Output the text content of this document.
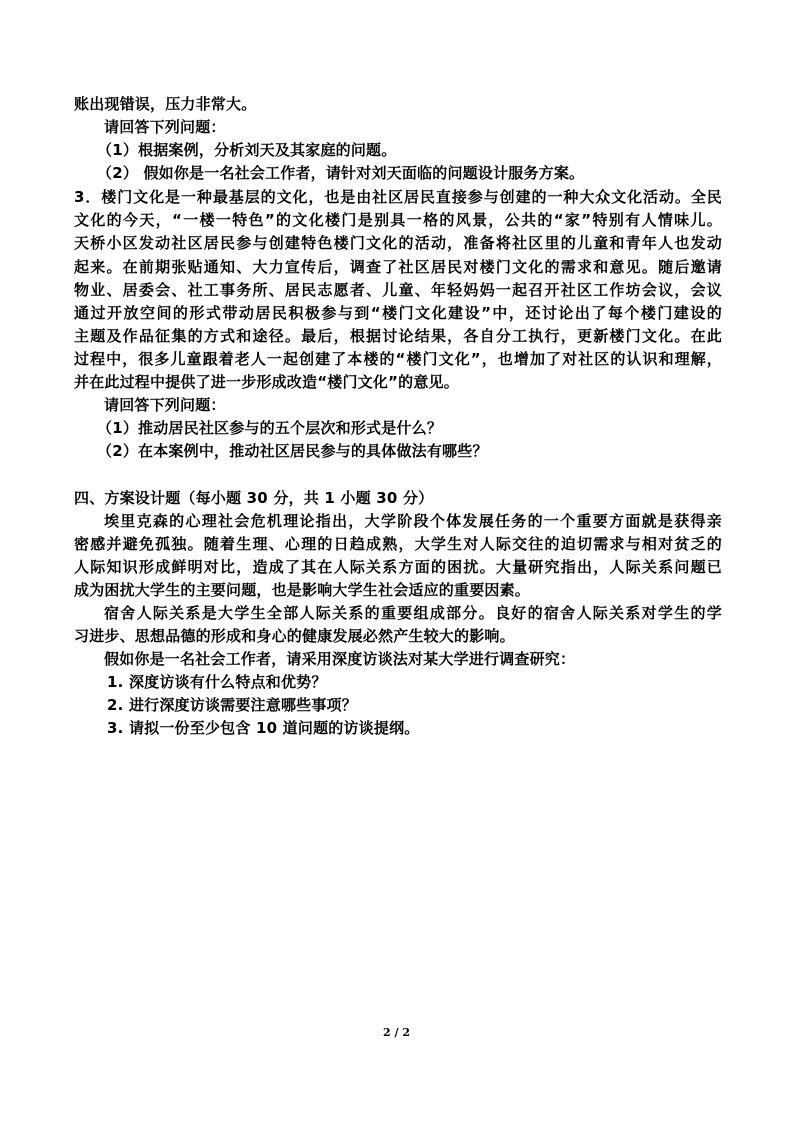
账出现错误，压力非常大。
请回答下列问题：
（1）根据案例，分析刘天及其家庭的问题。
（2） 假如你是一名社会工作者，请针对刘天面临的问题设计服务方案。
3．楼门文化是一种最基层的文化，也是由社区居民直接参与创建的一种大众文化活动。全民
文化的今天，“一楼一特色”的文化楼门是别具一格的风景，公共的“家”特别有人情味儿。
天桥小区发动社区居民参与创建特色楼门文化的活动，准备将社区里的儿童和青年人也发动
起来。在前期张贴通知、大力宣传后，调查了社区居民对楼门文化的需求和意见。随后邀请
物业、居委会、社工事务所、居民志愿者、儿童、年轻妈妈一起召开社区工作坊会议，会议
通过开放空间的形式带动居民积极参与到“楼门文化建设”中，还讨论出了每个楼门建设的
主题及作品征集的方式和途径。最后，根据讨论结果，各自分工执行，更新楼门文化。在此
过程中，很多儿童跟着老人一起创建了本楼的“楼门文化”，也增加了对社区的认识和理解，
并在此过程中提供了进一步形成改造“楼门文化”的意见。
请回答下列问题：
（1）推动居民社区参与的五个层次和形式是什么？
（2）在本案例中，推动社区居民参与的具体做法有哪些？
四、方案设计题（每小题 30 分，共 1 小题 30 分）
埃里克森的心理社会危机理论指出，大学阶段个体发展任务的一个重要方面就是获得亲
密感并避免孤独。随着生理、心理的日趋成熟，大学生对人际交往的迫切需求与相对贫乏的
人际知识形成鲜明对比，造成了其在人际关系方面的困扰。大量研究指出，人际关系问题已
成为困扰大学生的主要问题，也是影响大学生社会适应的重要因素。
宿舍人际关系是大学生全部人际关系的重要组成部分。良好的宿舍人际关系对学生的学
习进步、思想品德的形成和身心的健康发展必然产生较大的影响。
假如你是一名社会工作者，请采用深度访谈法对某大学进行调查研究：
1. 深度访谈有什么特点和优势？
2. 进行深度访谈需要注意哪些事项？
3. 请拟一份至少包含 10 道问题的访谈提纲。
2 / 2
